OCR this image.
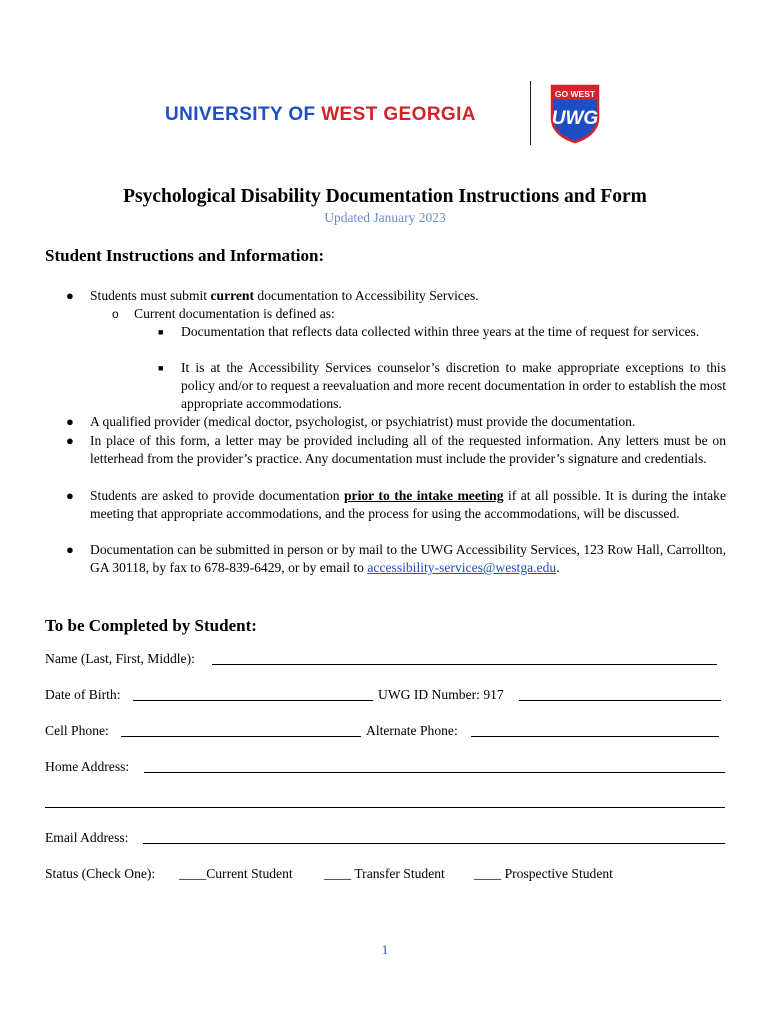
UNIVERSITY OF WEST GEORGIA
GO WEST
UWG
Psychological Disability Documentation Instructions and Form
Updated January 2023
Student Instructions and Information:
● Students must submit current documentation to Accessibility Services.
o Current documentation is defined as:
■ Documentation that reflects data collected within three years at the time of request for services.
■ It is at the Accessibility Services counselor’s discretion to make appropriate exceptions to this policy and/or to request a reevaluation and more recent documentation in order to establish the most appropriate accommodations.
● A qualified provider (medical doctor, psychologist, or psychiatrist) must provide the documentation.
● In place of this form, a letter may be provided including all of the requested information. Any letters must be on letterhead from the provider’s practice. Any documentation must include the provider’s signature and credentials.
● Students are asked to provide documentation prior to the intake meeting if at all possible. It is during the intake meeting that appropriate accommodations, and the process for using the accommodations, will be discussed.
● Documentation can be submitted in person or by mail to the UWG Accessibility Services, 123 Row Hall, Carrollton, GA 30118, by fax to 678-839-6429, or by email to accessibility-services@westga.edu.
To be Completed by Student:
Name (Last, First, Middle):
Date of Birth:	UWG ID Number: 917
Cell Phone:	Alternate Phone:
Home Address:
Email Address:
Status (Check One): ____Current Student ____ Transfer Student ____ Prospective Student
1
